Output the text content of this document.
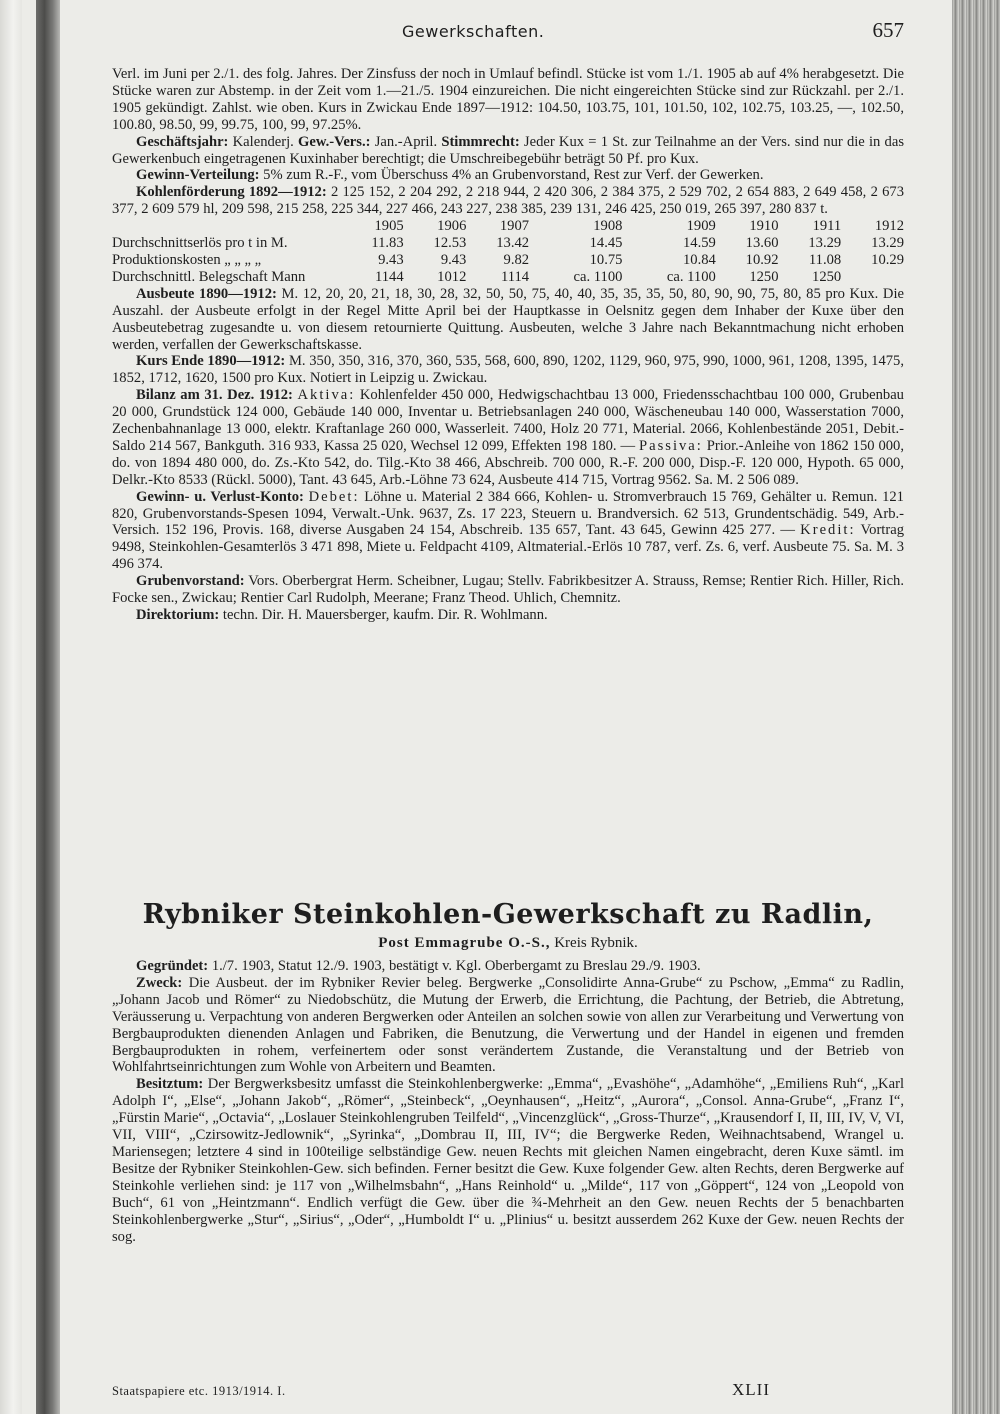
Gewerkschaften.	657

Verl. im Juni per 2./1. des folg. Jahres. Der Zinsfuss der noch in Umlauf befindl. Stücke ist vom 1./1. 1905 ab auf 4% herabgesetzt. Die Stücke waren zur Abstemp. in der Zeit vom 1.—21./5. 1904 einzureichen. Die nicht eingereichten Stücke sind zur Rückzahl. per 2./1. 1905 gekündigt. Zahlst. wie oben. Kurs in Zwickau Ende 1897—1912: 104.50, 103.75, 101, 101.50, 102, 102.75, 103.25, —, 102.50, 100.80, 98.50, 99, 99.75, 100, 99, 97.25%.

Geschäftsjahr: Kalenderj. Gew.-Vers.: Jan.-April. Stimmrecht: Jeder Kux = 1 St. zur Teilnahme an der Vers. sind nur die in das Gewerkenbuch eingetragenen Kuxinhaber berechtigt; die Umschreibegebühr beträgt 50 Pf. pro Kux.

Gewinn-Verteilung: 5% zum R.-F., vom Überschuss 4% an Grubenvorstand, Rest zur Verf. der Gewerken.

Kohlenförderung 1892—1912: 2 125 152, 2 204 292, 2 218 944, 2 420 306, 2 384 375, 2 529 702, 2 654 883, 2 649 458, 2 673 377, 2 609 579 hl, 209 598, 215 258, 225 344, 227 466, 243 227, 238 385, 239 131, 246 425, 250 019, 265 397, 280 837 t.

	1905	1906	1907	1908	1909	1910	1911	1912
Durchschnittserlös pro t in M.	11.83	12.53	13.42	14.45	14.59	13.60	13.29	13.29
Produktionskosten „ „ „ „	9.43	9.43	9.82	10.75	10.84	10.92	11.08	10.29
Durchschnittl. Belegschaft Mann	1144	1012	1114	ca. 1100	ca. 1100	1250	1250	

Ausbeute 1890—1912: M. 12, 20, 20, 21, 18, 30, 28, 32, 50, 50, 75, 40, 40, 35, 35, 35, 50, 80, 90, 90, 75, 80, 85 pro Kux. Die Auszahl. der Ausbeute erfolgt in der Regel Mitte April bei der Hauptkasse in Oelsnitz gegen dem Inhaber der Kuxe über den Ausbeutebetrag zugesandte u. von diesem retournierte Quittung. Ausbeuten, welche 3 Jahre nach Bekanntmachung nicht erhoben werden, verfallen der Gewerkschaftskasse.

Kurs Ende 1890—1912: M. 350, 350, 316, 370, 360, 535, 568, 600, 890, 1202, 1129, 960, 975, 990, 1000, 961, 1208, 1395, 1475, 1852, 1712, 1620, 1500 pro Kux. Notiert in Leipzig u. Zwickau.

Bilanz am 31. Dez. 1912: Aktiva: Kohlenfelder 450 000, Hedwigschachtbau 13 000, Friedensschachtbau 100 000, Grubenbau 20 000, Grundstück 124 000, Gebäude 140 000, Inventar u. Betriebsanlagen 240 000, Wäscheneubau 140 000, Wasserstation 7000, Zechenbahnanlage 13 000, elektr. Kraftanlage 260 000, Wasserleit. 7400, Holz 20 771, Material. 2066, Kohlenbestände 2051, Debit.-Saldo 214 567, Bankguth. 316 933, Kassa 25 020, Wechsel 12 099, Effekten 198 180. — Passiva: Prior.-Anleihe von 1862 150 000, do. von 1894 480 000, do. Zs.-Kto 542, do. Tilg.-Kto 38 466, Abschreib. 700 000, R.-F. 200 000, Disp.-F. 120 000, Hypoth. 65 000, Delkr.-Kto 8533 (Rückl. 5000), Tant. 43 645, Arb.-Löhne 73 624, Ausbeute 414 715, Vortrag 9562. Sa. M. 2 506 089.

Gewinn- u. Verlust-Konto: Debet: Löhne u. Material 2 384 666, Kohlen- u. Stromverbrauch 15 769, Gehälter u. Remun. 121 820, Grubenvorstands-Spesen 1094, Verwalt.-Unk. 9637, Zs. 17 223, Steuern u. Brandversich. 62 513, Grundentschädig. 549, Arb.-Versich. 152 196, Provis. 168, diverse Ausgaben 24 154, Abschreib. 135 657, Tant. 43 645, Gewinn 425 277. — Kredit: Vortrag 9498, Steinkohlen-Gesamterlös 3 471 898, Miete u. Feldpacht 4109, Altmaterial.-Erlös 10 787, verf. Zs. 6, verf. Ausbeute 75. Sa. M. 3 496 374.

Grubenvorstand: Vors. Oberbergrat Herm. Scheibner, Lugau; Stellv. Fabrikbesitzer A. Strauss, Remse; Rentier Rich. Hiller, Rich. Focke sen., Zwickau; Rentier Carl Rudolph, Meerane; Franz Theod. Uhlich, Chemnitz.

Direktorium: techn. Dir. H. Mauersberger, kaufm. Dir. R. Wohlmann.

Rybniker Steinkohlen-Gewerkschaft zu Radlin,
Post Emmagrube O.-S., Kreis Rybnik.

Gegründet: 1./7. 1903, Statut 12./9. 1903, bestätigt v. Kgl. Oberbergamt zu Breslau 29./9. 1903.

Zweck: Die Ausbeut. der im Rybniker Revier beleg. Bergwerke „Consolidirte Anna-Grube“ zu Pschow, „Emma“ zu Radlin, „Johann Jacob und Römer“ zu Niedobschütz, die Mutung der Erwerb, die Errichtung, die Pachtung, der Betrieb, die Abtretung, Veräusserung u. Verpachtung von anderen Bergwerken oder Anteilen an solchen sowie von allen zur Verarbeitung und Verwertung von Bergbauprodukten dienenden Anlagen und Fabriken, die Benutzung, die Verwertung und der Handel in eigenen und fremden Bergbauprodukten in rohem, verfeinertem oder sonst verändertem Zustande, die Veranstaltung und der Betrieb von Wohlfahrtseinrichtungen zum Wohle von Arbeitern und Beamten.

Besitztum: Der Bergwerksbesitz umfasst die Steinkohlenbergwerke: „Emma“, „Evashöhe“, „Adamhöhe“, „Emiliens Ruh“, „Karl Adolph I“, „Else“, „Johann Jakob“, „Römer“, „Steinbeck“, „Oeynhausen“, „Heitz“, „Aurora“, „Consol. Anna-Grube“, „Franz I“, „Fürstin Marie“, „Octavia“, „Loslauer Steinkohlengruben Teilfeld“, „Vincenzglück“, „Gross-Thurze“, „Krausendorf I, II, III, IV, V, VI, VII, VIII“, „Czirsowitz-Jedlownik“, „Syrinka“, „Dombrau II, III, IV“; die Bergwerke Reden, Weihnachtsabend, Wrangel u. Mariensegen; letztere 4 sind in 100teilige selbständige Gew. neuen Rechts mit gleichen Namen eingebracht, deren Kuxe sämtl. im Besitze der Rybniker Steinkohlen-Gew. sich befinden. Ferner besitzt die Gew. Kuxe folgender Gew. alten Rechts, deren Bergwerke auf Steinkohle verliehen sind: je 117 von „Wilhelmsbahn“, „Hans Reinhold“ u. „Milde“, 117 von „Göppert“, 124 von „Leopold von Buch“, 61 von „Heintzmann“. Endlich verfügt die Gew. über die ¾-Mehrheit an den Gew. neuen Rechts der 5 benachbarten Steinkohlenbergwerke „Stur“, „Sirius“, „Oder“, „Humboldt I“ u. „Plinius“ u. besitzt ausserdem 262 Kuxe der Gew. neuen Rechts der sog.

Staatspapiere etc. 1913/1914. I.	XLII
